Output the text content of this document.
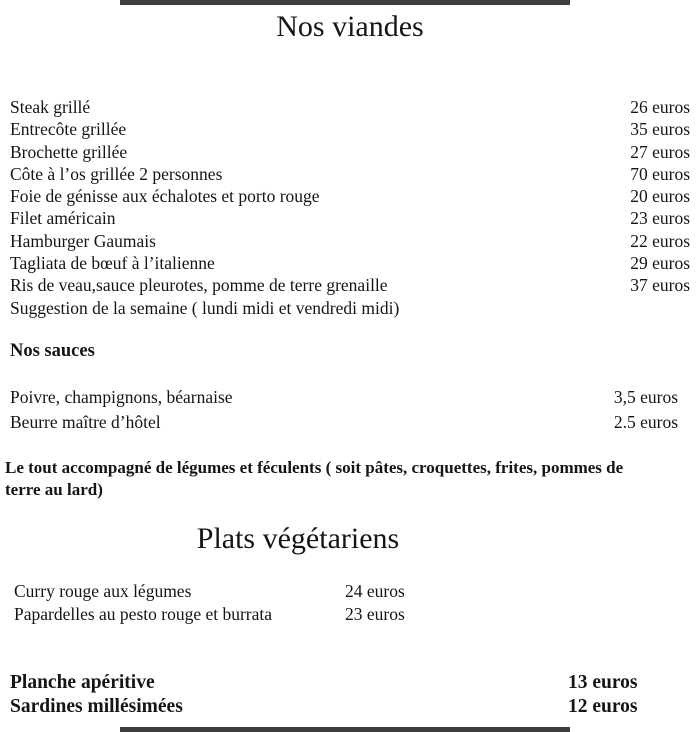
Nos viandes
Steak grillé	26 euros
Entrecôte grillée	35 euros
Brochette grillée	27 euros
Côte à l’os grillée 2 personnes	70 euros
Foie de génisse aux échalotes et porto rouge	20 euros
Filet américain	23 euros
Hamburger Gaumais	22 euros
Tagliata de bœuf à l’italienne	29 euros
Ris de veau,sauce pleurotes, pomme de terre grenaille	37 euros
Suggestion de la semaine ( lundi midi et vendredi midi)
Nos sauces
Poivre, champignons, béarnaise	3,5 euros
Beurre maître d’hôtel	2.5 euros

Le tout accompagné de légumes et féculents ( soit pâtes, croquettes, frites, pommes de
terre au lard)

Plats végétariens
Curry rouge aux légumes	24 euros
Papardelles au pesto rouge et burrata	23 euros
Planche apéritive	13 euros
Sardines millésimées	12 euros
